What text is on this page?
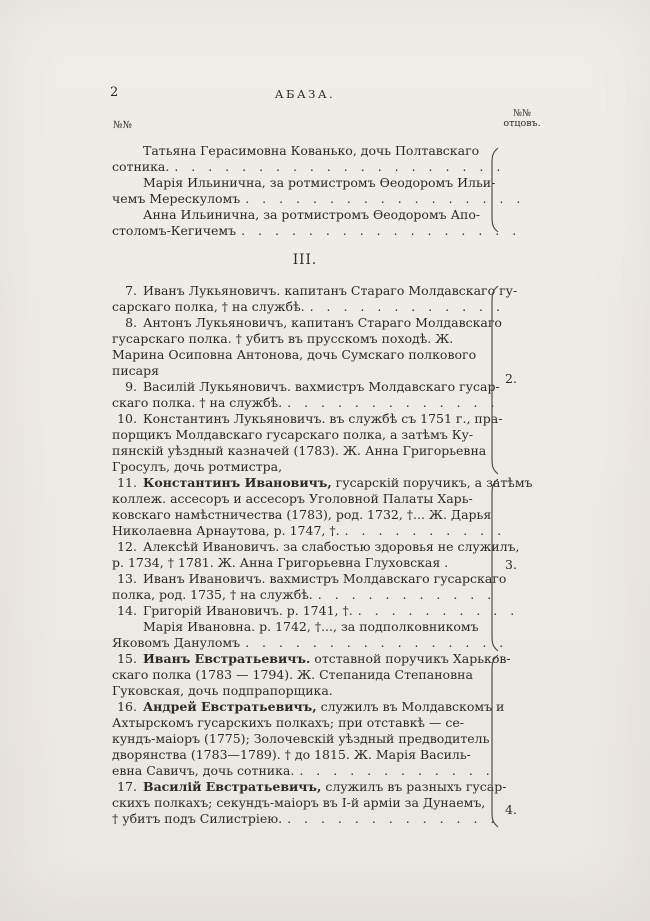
2	АБАЗА.
№№
№№
отцовъ.
Татьяна Герасимовна Кованько, дочь Полтавскаго
сотника. . . . . . . . . . . . . . . . . . . . .
Марія Ильинична, за ротмистромъ Ѳеодоромъ Ильи-
чемъ Мерескуломъ . . . . . . . . . . . . . . . . .
Анна Ильинична, за ротмистромъ Ѳеодоромъ Апо-
столомъ-Кегичемъ . . . . . . . . . . . . . . . . .
III.
7. Иванъ Лукьяновичъ. капитанъ Стараго Молдавскаго гу-
сарскаго полка, † на службѣ. . . . . . . . . . . . .
8. Антонъ Лукьяновичъ, капитанъ Стараго Молдавскаго
гусарскаго полка. † убитъ въ прусскомъ походѣ. Ж.
Марина Осиповна Антонова, дочь Сумскаго полкового
писаря
9. Василій Лукьяновичъ. вахмистръ Молдавскаго гусар-
скаго полка. † на службѣ. . . . . . . . . . . . . .
10. Константинъ Лукьяновичъ. въ службѣ съ 1751 г., пра-
порщикъ Молдавскаго гусарскаго полка, а затѣмъ Ку-
пянскій уѣздный казначей (1783). Ж. Анна Григорьевна
Гросулъ, дочь ротмистра,
11. Константинъ Ивановичъ, гусарскій поручикъ, а затѣмъ
коллеж. ассесоръ и ассесоръ Уголовной Палаты Харь-
ковскаго намѣстничества (1783), род. 1732, †... Ж. Дарья
Николаевна Арнаутова, р. 1747, †. . . . . . . . . . .
12. Алексѣй Ивановичъ. за слабостью здоровья не служилъ,
р. 1734, † 1781. Ж. Анна Григорьевна Глуховская .
13. Иванъ Ивановичъ. вахмистръ Молдавскаго гусарскаго
полка, род. 1735, † на службѣ. . . . . . . . . . . .
14. Григорій Ивановичъ. р. 1741, †. . . . . . . . . . .
Марія Ивановна. р. 1742, †..., за подполковникомъ
Яковомъ Дануломъ . . . . . . . . . . . . . . . .
15. Иванъ Евстратьевичъ. отставной поручикъ Харьков-
скаго полка (1783 — 1794). Ж. Степанида Степановна
Гуковская, дочь подпрапорщика.
16. Андрей Евстратьевичъ, служилъ въ Молдавскомъ и
Ахтырскомъ гусарскихъ полкахъ; при отставкѣ — се-
кундъ-маіоръ (1775); Золочевскій уѣздный предводитель
дворянства (1783—1789). † до 1815. Ж. Марія Василь-
евна Савичъ, дочь сотника. . . . . . . . . . . . .
17. Василій Евстратьевичъ, служилъ въ разныхъ гусар-
скихъ полкахъ; секундъ-маіоръ въ І-й арміи за Дунаемъ,
† убитъ подъ Силистріею. . . . . . . . . . . . . .
2.
3.
4.
